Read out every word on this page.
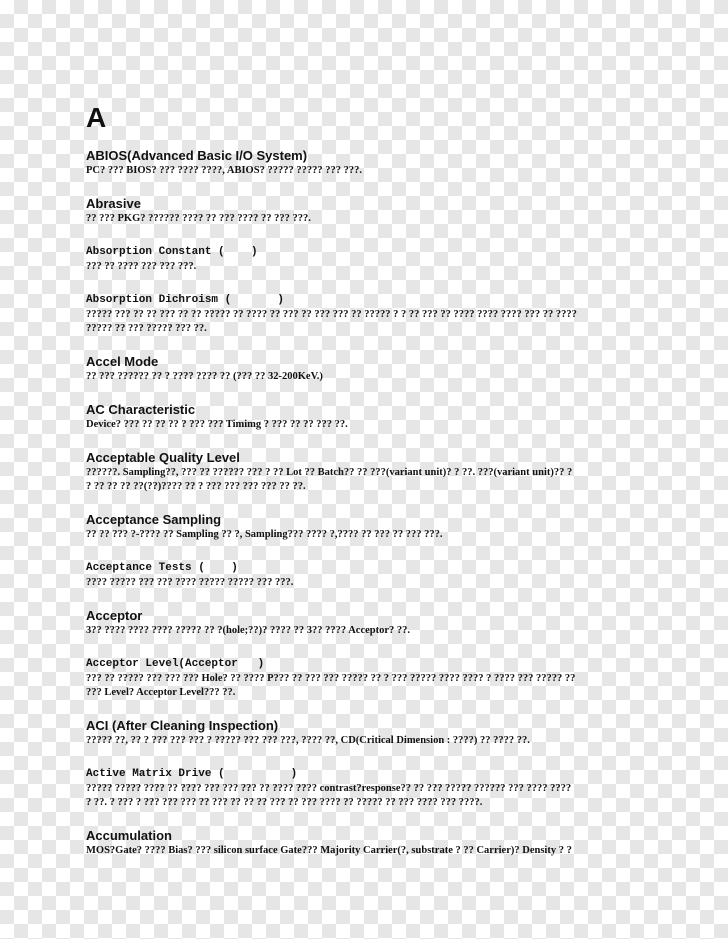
A
ABIOS(Advanced Basic I/O System)
PC? ??? BIOS? ??? ???? ????, ABIOS? ????? ????? ??? ???.
Abrasive
?? ??? PKG? ?????? ???? ?? ??? ???? ?? ??? ???.
Absorption Constant (    )
??? ?? ???? ??? ??? ???.
Absorption Dichroism (       )
????? ??? ?? ?? ??? ?? ?? ????? ?? ???? ?? ??? ?? ??? ??? ?? ????? ? ? ?? ??? ?? ???? ???? ???? ??? ?? ????
????? ?? ??? ????? ??? ??.
Accel Mode
?? ??? ?????? ?? ? ???? ???? ?? (??? ?? 32-200KeV.)
AC Characteristic
Device? ??? ?? ?? ?? ? ??? ??? Timimg ? ??? ?? ?? ??? ??.
Acceptable Quality Level
??????. Sampling??, ??? ?? ?????? ??? ? ?? Lot ?? Batch?? ?? ???(variant unit)? ? ??. ???(variant unit)?? ?
? ?? ?? ?? ??(??)???? ?? ? ??? ??? ??? ??? ?? ??.
Acceptance Sampling
?? ?? ??? ?-???? ?? Sampling ?? ?, Sampling??? ???? ?,???? ?? ??? ?? ??? ???.
Acceptance Tests (    )
???? ????? ??? ??? ???? ????? ????? ??? ???.
Acceptor
3?? ???? ???? ???? ????? ?? ?(hole;??)? ???? ?? 3?? ???? Acceptor? ??.
Acceptor Level(Acceptor   )
??? ?? ????? ??? ??? ??? Hole? ?? ???? P??? ?? ??? ??? ????? ?? ? ??? ????? ???? ???? ? ???? ??? ????? ??
??? Level? Acceptor Level??? ??.
ACI (After Cleaning Inspection)
????? ??, ?? ? ??? ??? ??? ? ????? ??? ??? ???, ???? ??, CD(Critical Dimension : ????) ?? ???? ??.
Active Matrix Drive (          )
????? ????? ???? ?? ???? ??? ??? ??? ?? ???? ???? contrast?response?? ?? ??? ????? ?????? ??? ???? ????
? ??. ? ??? ? ??? ??? ??? ?? ??? ?? ?? ?? ??? ?? ??? ???? ?? ????? ?? ??? ???? ??? ????.
Accumulation
MOS?Gate? ???? Bias? ??? silicon surface Gate??? Majority Carrier(?, substrate ? ?? Carrier)? Density ? ?
